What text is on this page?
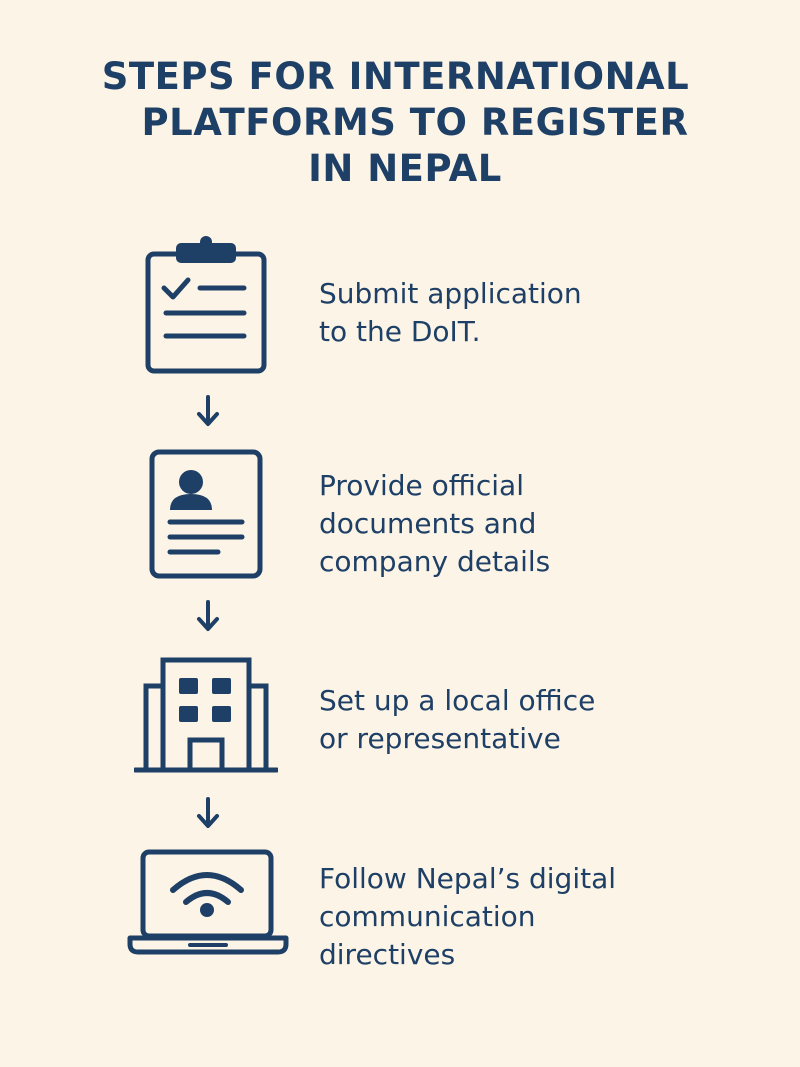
STEPS FOR INTERNATIONAL
PLATFORMS TO REGISTER
IN NEPAL
Submit application
to the DoIT.
Provide official
documents and
company details
Set up a local office
or representative
Follow Nepal’s digital
communication
directives
